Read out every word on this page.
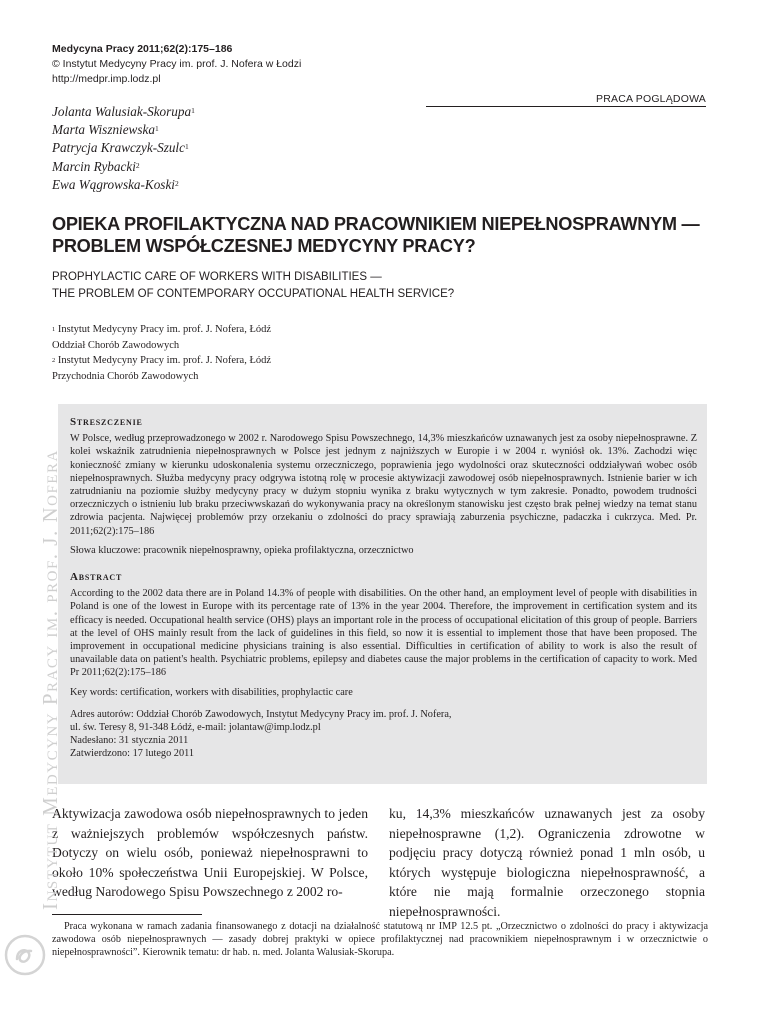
Medycyna Pracy 2011;62(2):175–186
© Instytut Medycyny Pracy im. prof. J. Nofera w Łodzi
http://medpr.imp.lodz.pl
PRACA POGLĄDOWA
Jolanta Walusiak-Skorupa$^1$
Marta Wiszniewska$^1$
Patrycja Krawczyk-Szulc$^1$
Marcin Rybacki$^2$
Ewa Wągrowska-Koski$^2$
OPIEKA PROFILAKTYCZNA NAD PRACOWNIKIEM NIEPEŁNOSPRAWNYM —
PROBLEM WSPÓŁCZESNEJ MEDYCYNY PRACY?
PROPHYLACTIC CARE OF WORKERS WITH DISABILITIES —
THE PROBLEM OF CONTEMPORARY OCCUPATIONAL HEALTH SERVICE?
$^1$ Instytut Medycyny Pracy im. prof. J. Nofera, Łódź
Oddział Chorób Zawodowych
$^2$ Instytut Medycyny Pracy im. prof. J. Nofera, Łódź
Przychodnia Chorób Zawodowych
Streszczenie

W Polsce, według przeprowadzonego w 2002 r. Narodowego Spisu Powszechnego, 14,3% mieszkańców uznawanych jest za osoby niepełnosprawne. Z kolei wskaźnik zatrudnienia niepełnosprawnych w Polsce jest jednym z najniższych w Europie i w 2004 r. wyniósł ok. 13%. Zachodzi więc konieczność zmiany w kierunku udoskonalenia systemu orzeczniczego, poprawienia jego wydolności oraz skuteczności oddziaływań wobec osób niepełnosprawnych. Służba medycyny pracy odgrywa istotną rolę w procesie aktywizacji zawodowej osób niepełnosprawnych. Istnienie barier w ich zatrudnianiu na poziomie służby medycyny pracy w dużym stopniu wynika z braku wytycznych w tym zakresie. Ponadto, powodem trudności orzeczniczych o istnieniu lub braku przeciwwskazań do wykonywania pracy na określonym stanowisku jest często brak pełnej wiedzy na temat stanu zdrowia pacjenta. Najwięcej problemów przy orzekaniu o zdolności do pracy sprawiają zaburzenia psychiczne, padaczka i cukrzyca. Med. Pr. 2011;62(2):175–186

Słowa kluczowe: pracownik niepełnosprawny, opieka profilaktyczna, orzecznictwo

Abstract

According to the 2002 data there are in Poland 14.3% of people with disabilities. On the other hand, an employment level of people with disabilities in Poland is one of the lowest in Europe with its percentage rate of 13% in the year 2004. Therefore, the improvement in certification system and its efficacy is needed. Occupational health service (OHS) plays an important role in the process of occupational elicitation of this group of people. Barriers at the level of OHS mainly result from the lack of guidelines in this field, so now it is essential to implement those that have been proposed. The improvement in occupational medicine physicians training is also essential. Difficulties in certification of ability to work is also the result of unavailable data on patient's health. Psychiatric problems, epilepsy and diabetes cause the major problems in the certification of capacity to work. Med Pr 2011;62(2):175–186

Key words: certification, workers with disabilities, prophylactic care

Adres autorów: Oddział Chorób Zawodowych, Instytut Medycyny Pracy im. prof. J. Nofera,
ul. św. Teresy 8, 91-348 Łódź, e-mail: jolantaw@imp.lodz.pl
Nadesłano: 31 stycznia 2011
Zatwierdzono: 17 lutego 2011
Aktywizacja zawodowa osób niepełnosprawnych to jeden z ważniejszych problemów współczesnych państw. Dotyczy on wielu osób, ponieważ niepełnosprawni to około 10% społeczeństwa Unii Europejskiej. W Polsce, według Narodowego Spisu Powszechnego z 2002 ro-
ku, 14,3% mieszkańców uznawanych jest za osoby niepełnosprawne (1,2). Ograniczenia zdrowotne w podjęciu pracy dotyczą również ponad 1 mln osób, u których występuje biologiczna niepełnosprawność, a które nie mają formalnie orzeczonego stopnia niepełnosprawności.
Praca wykonana w ramach zadania finansowanego z dotacji na działalność statutową nr IMP 12.5 pt. „Orzecznictwo o zdolności do pracy i aktywizacja zawodowa osób niepełnosprawnych — zasady dobrej praktyki w opiece profilaktycznej nad pracownikiem niepełnosprawnym i w orzecznictwie o niepełnosprawności”. Kierownik tematu: dr hab. n. med. Jolanta Walusiak-Skorupa.
Instytut Medycyny Pracy im. prof. J. Nofera
